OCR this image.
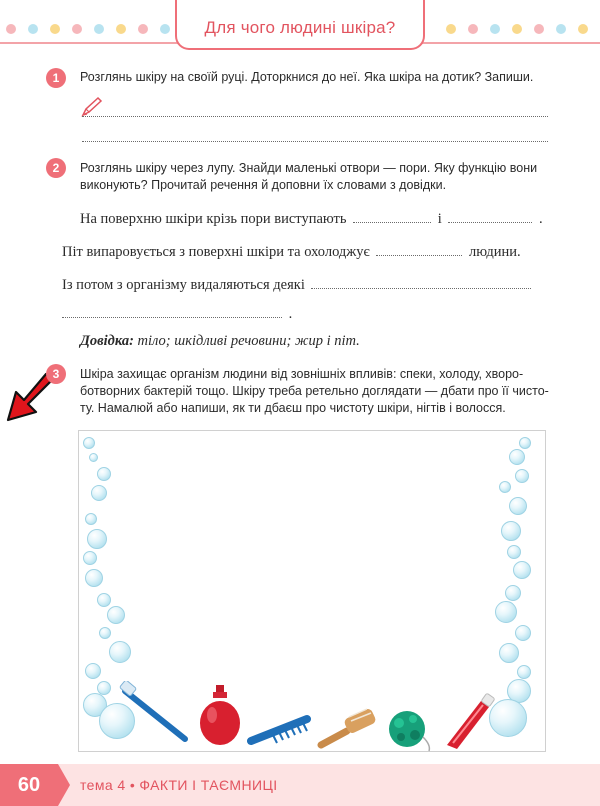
Для чого людині шкіра?
1	Розглянь шкіру на своїй руці. Доторкнися до неї. Яка шкіра на дотик? Запиши.
2	Розглянь шкіру через лупу. Знайди маленькі отвори — пори. Яку функцію вони
виконують? Прочитай речення й доповни їх словами з довідки.
На поверхню шкіри крізь пори виступають	і	.
Піт випаровується з поверхні шкіри та охолоджує	людини.
Із потом з організму видаляються деякі
.
Довідка: тіло; шкідливі речовини; жир і піт.
3	Шкіра захищає організм людини від зовнішніх впливів: спеки, холоду, хворо-
ботворних бактерій тощо. Шкіру треба ретельно доглядати — дбати про її чисто-
ту. Намалюй або напиши, як ти дбаєш про чистоту шкіри, нігтів і волосся.
60	тема 4 • ФАКТИ І ТАЄМНИЦІ
